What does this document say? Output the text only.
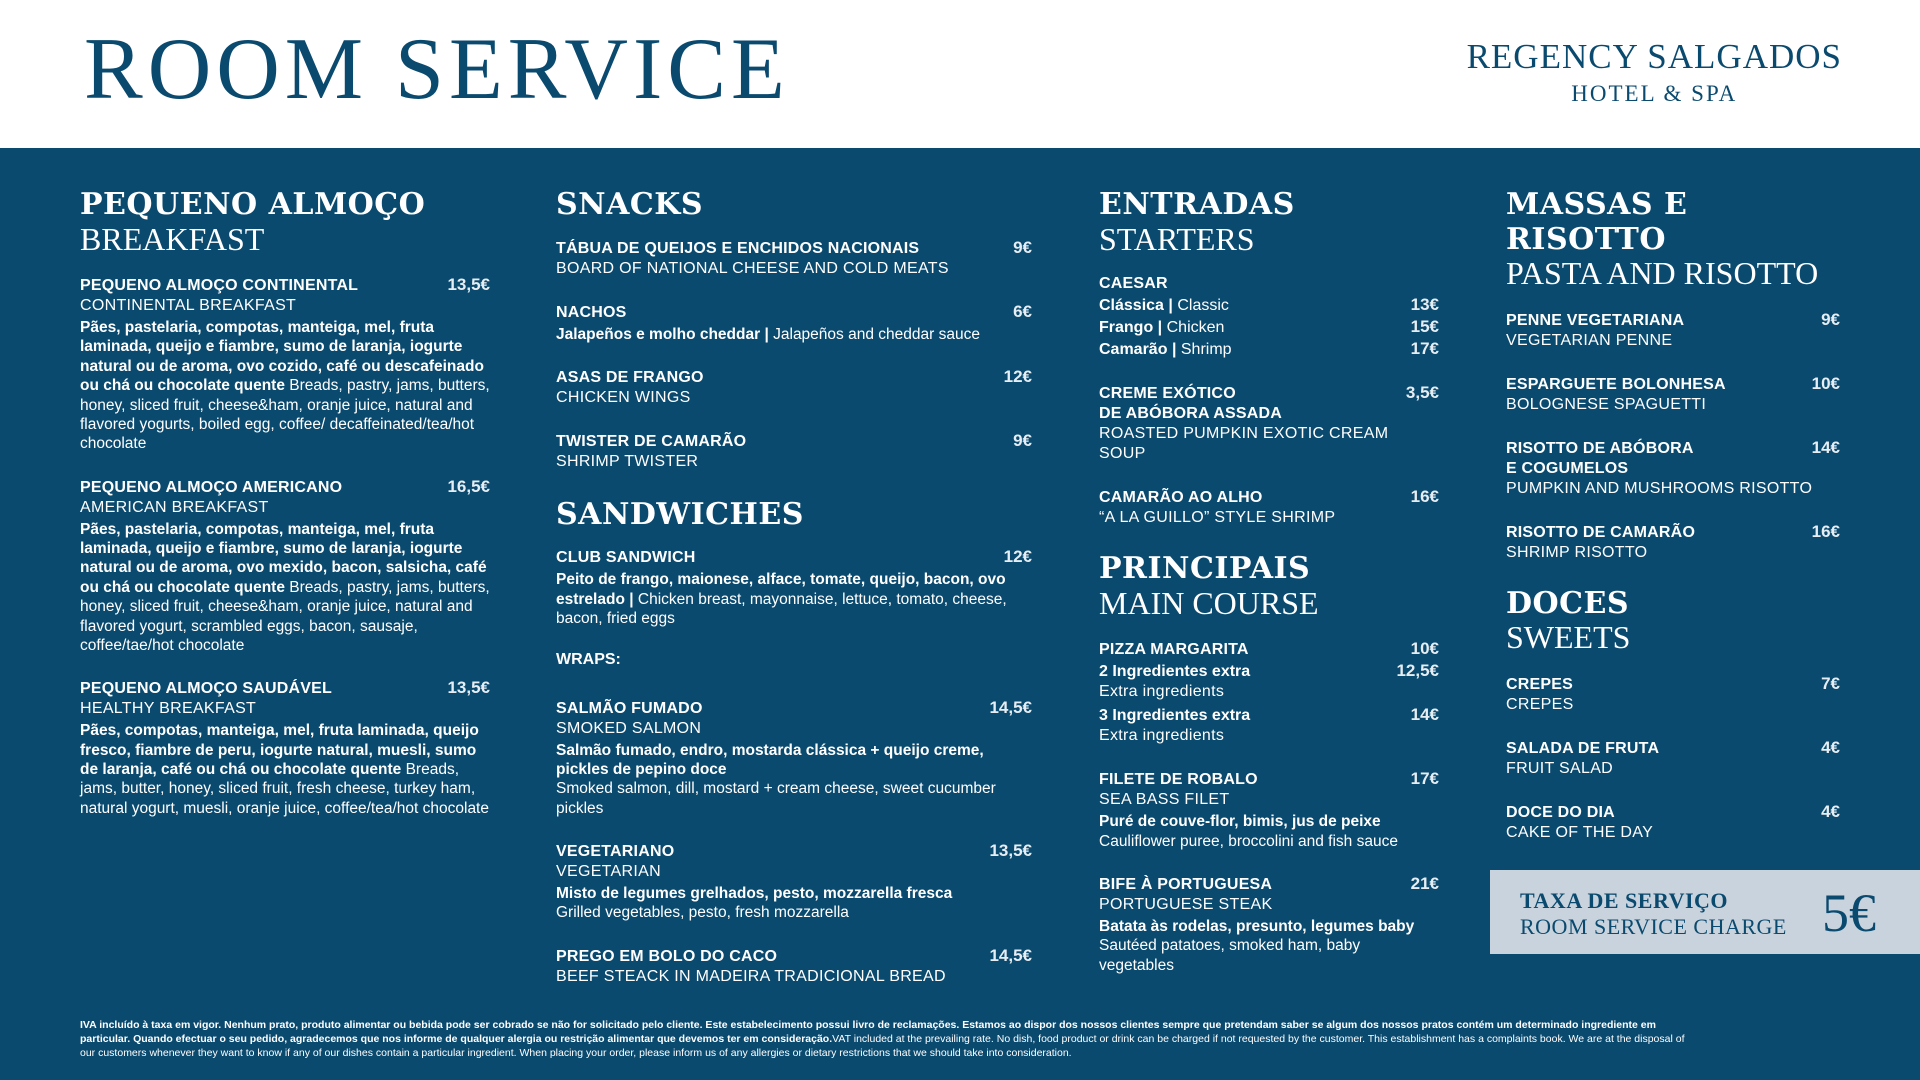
ROOM SERVICE	REGENCY SALGADOS
HOTEL & SPA
PEQUENO ALMOÇO
BREAKFAST
PEQUENO ALMOÇO CONTINENTAL	13,5€
CONTINENTAL BREAKFAST
Pães, pastelaria, compotas, manteiga, mel, fruta laminada, queijo e fiambre, sumo de laranja, iogurte natural ou de aroma, ovo cozido, café ou descafeinado ou chá ou chocolate quente Breads, pastry, jams, butters, honey, sliced fruit, cheese&ham, oranje juice, natural and flavored yogurts, boiled egg, coffee/ decaffeinated/tea/hot chocolate
PEQUENO ALMOÇO AMERICANO	16,5€
AMERICAN BREAKFAST
Pães, pastelaria, compotas, manteiga, mel, fruta laminada, queijo e fiambre, sumo de laranja, iogurte natural ou de aroma, ovo mexido, bacon, salsicha, café ou chá ou chocolate quente Breads, pastry, jams, butters, honey, sliced fruit, cheese&ham, oranje juice, natural and flavored yogurt, scrambled eggs, bacon, sausaje, coffee/tae/hot chocolate
PEQUENO ALMOÇO SAUDÁVEL	13,5€
HEALTHY BREAKFAST
Pães, compotas, manteiga, mel, fruta laminada, queijo fresco, fiambre de peru, iogurte natural, muesli, sumo de laranja, café ou chá ou chocolate quente Breads, jams, butter, honey, sliced fruit, fresh cheese, turkey ham, natural yogurt, muesli, oranje juice, coffee/tea/hot chocolate
SNACKS
TÁBUA DE QUEIJOS E ENCHIDOS NACIONAIS	9€
BOARD OF NATIONAL CHEESE AND COLD MEATS
NACHOS	6€
Jalapeños e molho cheddar | Jalapeños and cheddar sauce
ASAS DE FRANGO	12€
CHICKEN WINGS
TWISTER DE CAMARÃO	9€
SHRIMP TWISTER
SANDWICHES
CLUB SANDWICH	12€
Peito de frango, maionese, alface, tomate, queijo, bacon, ovo estrelado | Chicken breast, mayonnaise, lettuce, tomato, cheese, bacon, fried eggs
WRAPS:
SALMÃO FUMADO	14,5€
SMOKED SALMON
Salmão fumado, endro, mostarda clássica + queijo creme, pickles de pepino doce
Smoked salmon, dill, mostard + cream cheese, sweet cucumber pickles
VEGETARIANO	13,5€
VEGETARIAN
Misto de legumes grelhados, pesto, mozzarella fresca
Grilled vegetables, pesto, fresh mozzarella
PREGO EM BOLO DO CACO	14,5€
BEEF STEACK IN MADEIRA TRADICIONAL BREAD
ENTRADAS
STARTERS
CAESAR
Clássica | Classic	13€
Frango | Chicken	15€
Camarão | Shrimp	17€
CREME EXÓTICO	3,5€
DE ABÓBORA ASSADA
ROASTED PUMPKIN EXOTIC CREAM SOUP
CAMARÃO AO ALHO	16€
“A LA GUILLO” STYLE SHRIMP
PRINCIPAIS
MAIN COURSE
PIZZA MARGARITA	10€
2 Ingredientes extra	12,5€
Extra ingredients
3 Ingredientes extra	14€
Extra ingredients
FILETE DE ROBALO	17€
SEA BASS FILET
Puré de couve-flor, bimis, jus de peixe
Cauliflower puree, broccolini and fish sauce
BIFE À PORTUGUESA	21€
PORTUGUESE STEAK
Batata às rodelas, presunto, legumes baby
Sautéed patatoes, smoked ham, baby vegetables
MASSAS E RISOTTO
PASTA AND RISOTTO
PENNE VEGETARIANA	9€
VEGETARIAN PENNE
ESPARGUETE BOLONHESA	10€
BOLOGNESE SPAGUETTI
RISOTTO DE ABÓBORA	14€
E COGUMELOS
PUMPKIN AND MUSHROOMS RISOTTO
RISOTTO DE CAMARÃO	16€
SHRIMP RISOTTO
DOCES
SWEETS
CREPES	7€
CREPES
SALADA DE FRUTA	4€
FRUIT SALAD
DOCE DO DIA	4€
CAKE OF THE DAY
TAXA DE SERVIÇO
ROOM SERVICE CHARGE 5€
IVA incluído à taxa em vigor. Nenhum prato, produto alimentar ou bebida pode ser cobrado se não for solicitado pelo cliente. Este estabelecimento possui livro de reclamações. Estamos ao dispor dos nossos clientes sempre que pretendam saber se algum dos nossos pratos contém um determinado ingrediente em particular. Quando efectuar o seu pedido, agradecemos que nos informe de qualquer alergia ou restrição alimentar que devemos ter em consideração.VAT included at the prevailing rate. No dish, food product or drink can be charged if not requested by the customer. This establishment has a complaints book. We are at the disposal of our customers whenever they want to know if any of our dishes contain a particular ingredient. When placing your order, please inform us of any allergies or dietary restrictions that we should take into consideration.
